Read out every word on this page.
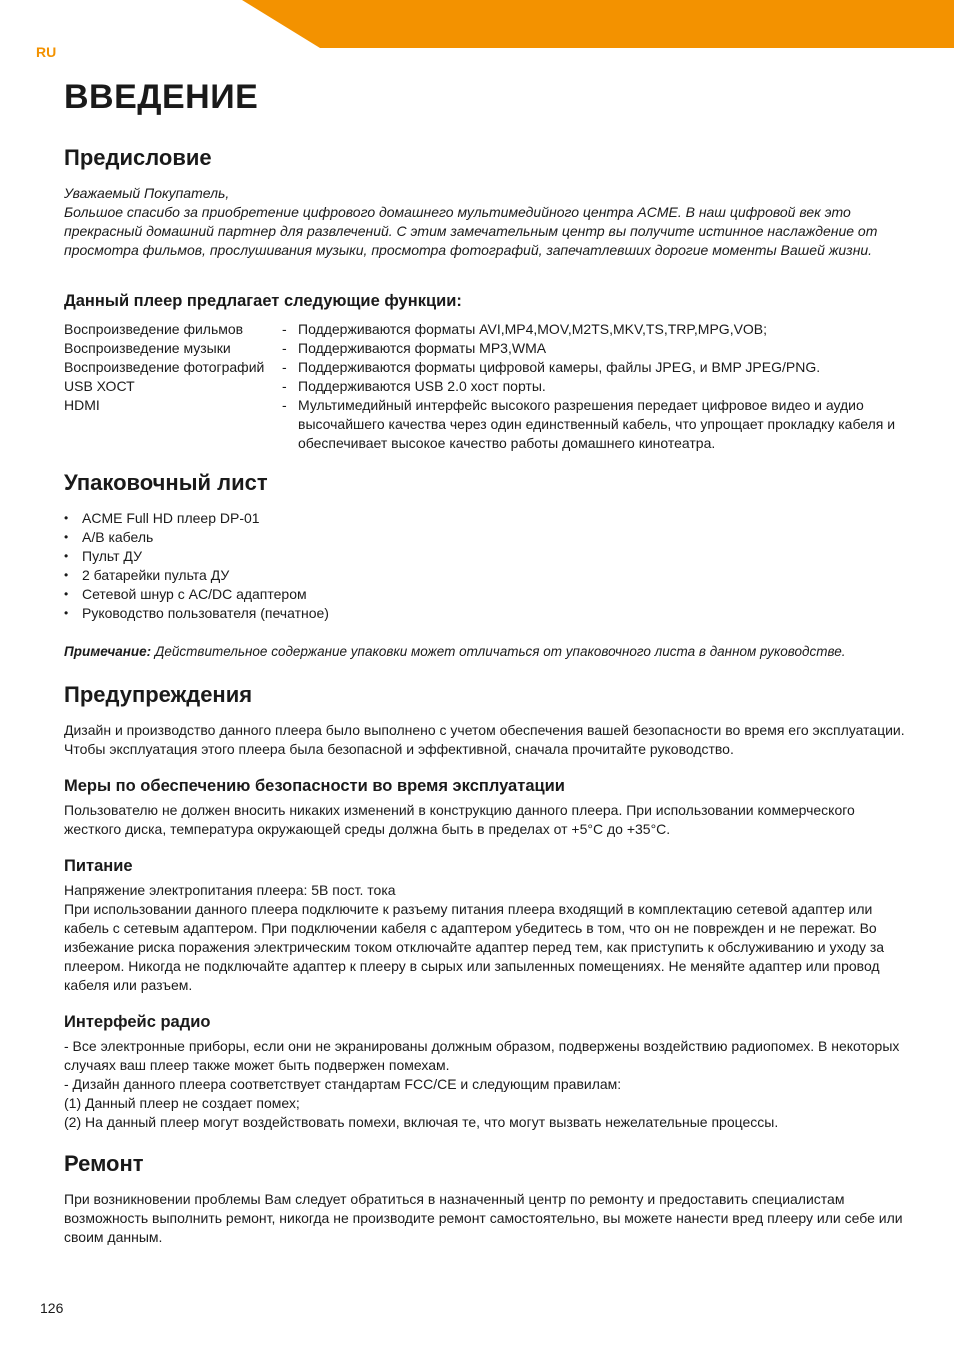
RU
ВВЕДЕНИЕ
Предисловие

Уважаемый Покупатель,

Большое спасибо за приобретение цифрового домашнего мультимедийного центра ACME. В наш цифровой век это прекрасный домашний партнер для развлечений. С этим замечательным центр вы получите истинное наслаждение от просмотра фильмов, прослушивания музыки, просмотра фотографий, запечатлевших дорогие моменты Вашей жизни.

Данный плеер предлагает следующие функции:
Воспроизведение фильмов	- Поддерживаются форматы AVI,MP4,MOV,M2TS,MKV,TS,TRP,MPG,VOB;
Воспроизведение музыки	- Поддерживаются форматы MP3,WMA
Воспроизведение фотографий	- Поддерживаются форматы цифровой камеры, файлы JPEG, и BMP JPEG/PNG.
USB ХОСТ	- Поддерживаются USB 2.0 хост порты.
HDMI	- Мультимедийный интерфейс высокого разрешения передает цифровое видео и аудио высочайшего качества через один единственный кабель, что упрощает прокладку кабеля и обеспечивает высокое качество работы домашнего кинотеатра.
Упаковочный лист
• ACME Full HD плеер DP-01
• A/B кабель
• Пульт ДУ
• 2 батарейки пульта ДУ
• Сетевой шнур с AC/DC адаптером
• Руководство пользователя (печатное)

Примечание: Действительное содержание упаковки может отличаться от упаковочного листа в данном руководстве.

Предупреждения

Дизайн и производство данного плеера было выполнено с учетом обеспечения вашей безопасности во время его эксплуатации. Чтобы эксплуатация этого плеера была безопасной и эффективной, сначала прочитайте руководство.

Меры по обеспечению безопасности во время эксплуатации

Пользователю не должен вносить никаких изменений в конструкцию данного плеера. При использовании коммерческого жесткого диска, температура окружающей среды должна быть в пределах от +5°C до +35°C.

Питание

Напряжение электропитания плеера: 5В пост. тока

При использовании данного плеера подключите к разъему питания плеера входящий в комплектацию сетевой адаптер или кабель с сетевым адаптером. При подключении кабеля с адаптером убедитесь в том, что он не поврежден и не пережат. Во избежание риска поражения электрическим током отключайте адаптер перед тем, как приступить к обслуживанию и уходу за плеером. Никогда не подключайте адаптер к плееру в сырых или запыленных помещениях. Не меняйте адаптер или провод кабеля или разъем.

Интерфейс радио

- Все электронные приборы, если они не экранированы должным образом, подвержены воздействию радиопомех. В некоторых случаях ваш плеер также может быть подвержен помехам.

- Дизайн данного плеера соответствует стандартам FCC/CE и следующим правилам:

(1) Данный плеер не создает помех;

(2) На данный плеер могут воздействовать помехи, включая те, что могут вызвать нежелательные процессы.

Ремонт

При возникновении проблемы Вам следует обратиться в назначенный центр по ремонту и предоставить специалистам возможность выполнить ремонт, никогда не производите ремонт самостоятельно, вы можете нанести вред плееру или себе или своим данным.

126
